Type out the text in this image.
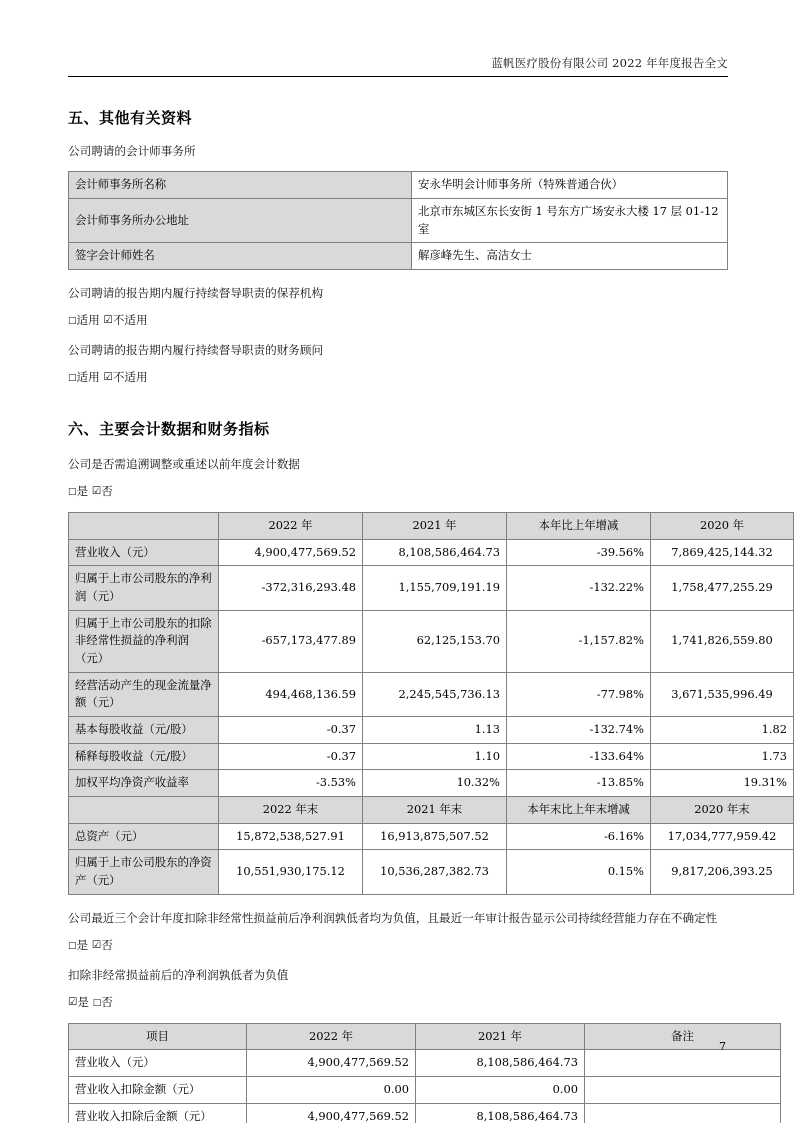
蓝帆医疗股份有限公司 2022 年年度报告全文
五、其他有关资料

公司聘请的会计师事务所

会计师事务所名称	安永华明会计师事务所（特殊普通合伙）
会计师事务所办公地址	北京市东城区东长安街 1 号东方广场安永大楼 17 层 01-12 室
签字会计师姓名	解彦峰先生、高洁女士

公司聘请的报告期内履行持续督导职责的保荐机构

□适用 ☑不适用

公司聘请的报告期内履行持续督导职责的财务顾问

□适用 ☑不适用

六、主要会计数据和财务指标

公司是否需追溯调整或重述以前年度会计数据

□是 ☑否

	2022 年	2021 年	本年比上年增减	2020 年
营业收入（元）	4,900,477,569.52	8,108,586,464.73	-39.56%	7,869,425,144.32
归属于上市公司股东的净利润（元）	-372,316,293.48	1,155,709,191.19	-132.22%	1,758,477,255.29
归属于上市公司股东的扣除非经常性损益的净利润（元）	-657,173,477.89	62,125,153.70	-1,157.82%	1,741,826,559.80
经营活动产生的现金流量净额（元）	494,468,136.59	2,245,545,736.13	-77.98%	3,671,535,996.49
基本每股收益（元/股）	-0.37	1.13	-132.74%	1.82
稀释每股收益（元/股）	-0.37	1.10	-133.64%	1.73
加权平均净资产收益率	-3.53%	10.32%	-13.85%	19.31%
	2022 年末	2021 年末	本年末比上年末增减	2020 年末
总资产（元）	15,872,538,527.91	16,913,875,507.52	-6.16%	17,034,777,959.42
归属于上市公司股东的净资产（元）	10,551,930,175.12	10,536,287,382.73	0.15%	9,817,206,393.25

公司最近三个会计年度扣除非经常性损益前后净利润孰低者均为负值，且最近一年审计报告显示公司持续经营能力存在不确定性

□是 ☑否

扣除非经常损益前后的净利润孰低者为负值

☑是 □否

项目	2022 年	2021 年	备注
营业收入（元）	4,900,477,569.52	8,108,586,464.73	
营业收入扣除金额（元）	0.00	0.00	
营业收入扣除后金额（元）	4,900,477,569.52	8,108,586,464.73	
7
